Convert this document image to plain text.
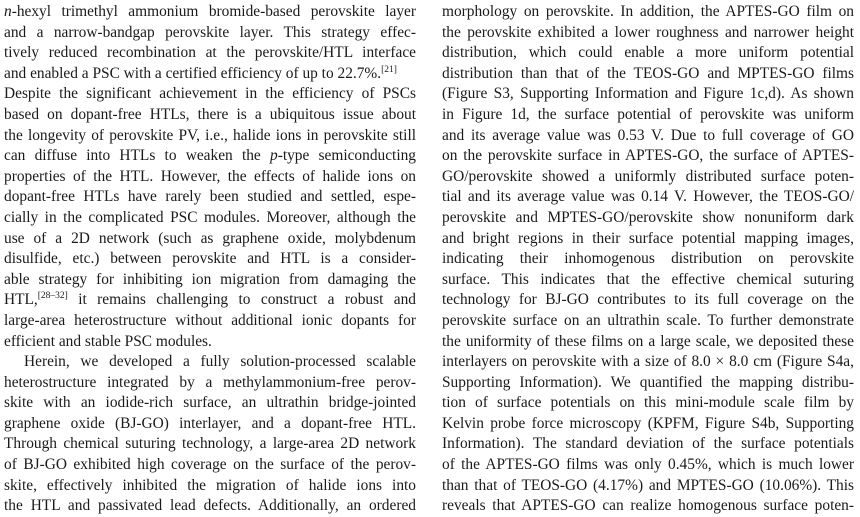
n-hexyl trimethyl ammonium bromide-based perovskite layer
and a narrow-bandgap perovskite layer. This strategy effec-
tively reduced recombination at the perovskite/HTL interface
and enabled a PSC with a certified efficiency of up to 22.7%.[21]
Despite the significant achievement in the efficiency of PSCs
based on dopant-free HTLs, there is a ubiquitous issue about
the longevity of perovskite PV, i.e., halide ions in perovskite still
can diffuse into HTLs to weaken the p-type semiconducting
properties of the HTL. However, the effects of halide ions on
dopant-free HTLs have rarely been studied and settled, espe-
cially in the complicated PSC modules. Moreover, although the
use of a 2D network (such as graphene oxide, molybdenum
disulfide, etc.) between perovskite and HTL is a consider-
able strategy for inhibiting ion migration from damaging the
HTL,[28–32] it remains challenging to construct a robust and
large-area heterostructure without additional ionic dopants for
efficient and stable PSC modules.
Herein, we developed a fully solution-processed scalable
heterostructure integrated by a methylammonium-free perov-
skite with an iodide-rich surface, an ultrathin bridge-jointed
graphene oxide (BJ-GO) interlayer, and a dopant-free HTL.
Through chemical suturing technology, a large-area 2D network
of BJ-GO exhibited high coverage on the surface of the perov-
skite, effectively inhibited the migration of halide ions into
the HTL and passivated lead defects. Additionally, an ordered
morphology on perovskite. In addition, the APTES-GO film on
the perovskite exhibited a lower roughness and narrower height
distribution, which could enable a more uniform potential
distribution than that of the TEOS-GO and MPTES-GO films
(Figure S3, Supporting Information and Figure 1c,d). As shown
in Figure 1d, the surface potential of perovskite was uniform
and its average value was 0.53 V. Due to full coverage of GO
on the perovskite surface in APTES-GO, the surface of APTES-
GO/perovskite showed a uniformly distributed surface poten-
tial and its average value was 0.14 V. However, the TEOS-GO/
perovskite and MPTES-GO/perovskite show nonuniform dark
and bright regions in their surface potential mapping images,
indicating their inhomogenous distribution on perovskite
surface. This indicates that the effective chemical suturing
technology for BJ-GO contributes to its full coverage on the
perovskite surface on an ultrathin scale. To further demonstrate
the uniformity of these films on a large scale, we deposited these
interlayers on perovskite with a size of 8.0 × 8.0 cm (Figure S4a,
Supporting Information). We quantified the mapping distribu-
tion of surface potentials on this mini-module scale film by
Kelvin probe force microscopy (KPFM, Figure S4b, Supporting
Information). The standard deviation of the surface potentials
of the APTES-GO films was only 0.45%, which is much lower
than that of TEOS-GO (4.17%) and MPTES-GO (10.06%). This
reveals that APTES-GO can realize homogenous surface poten-
